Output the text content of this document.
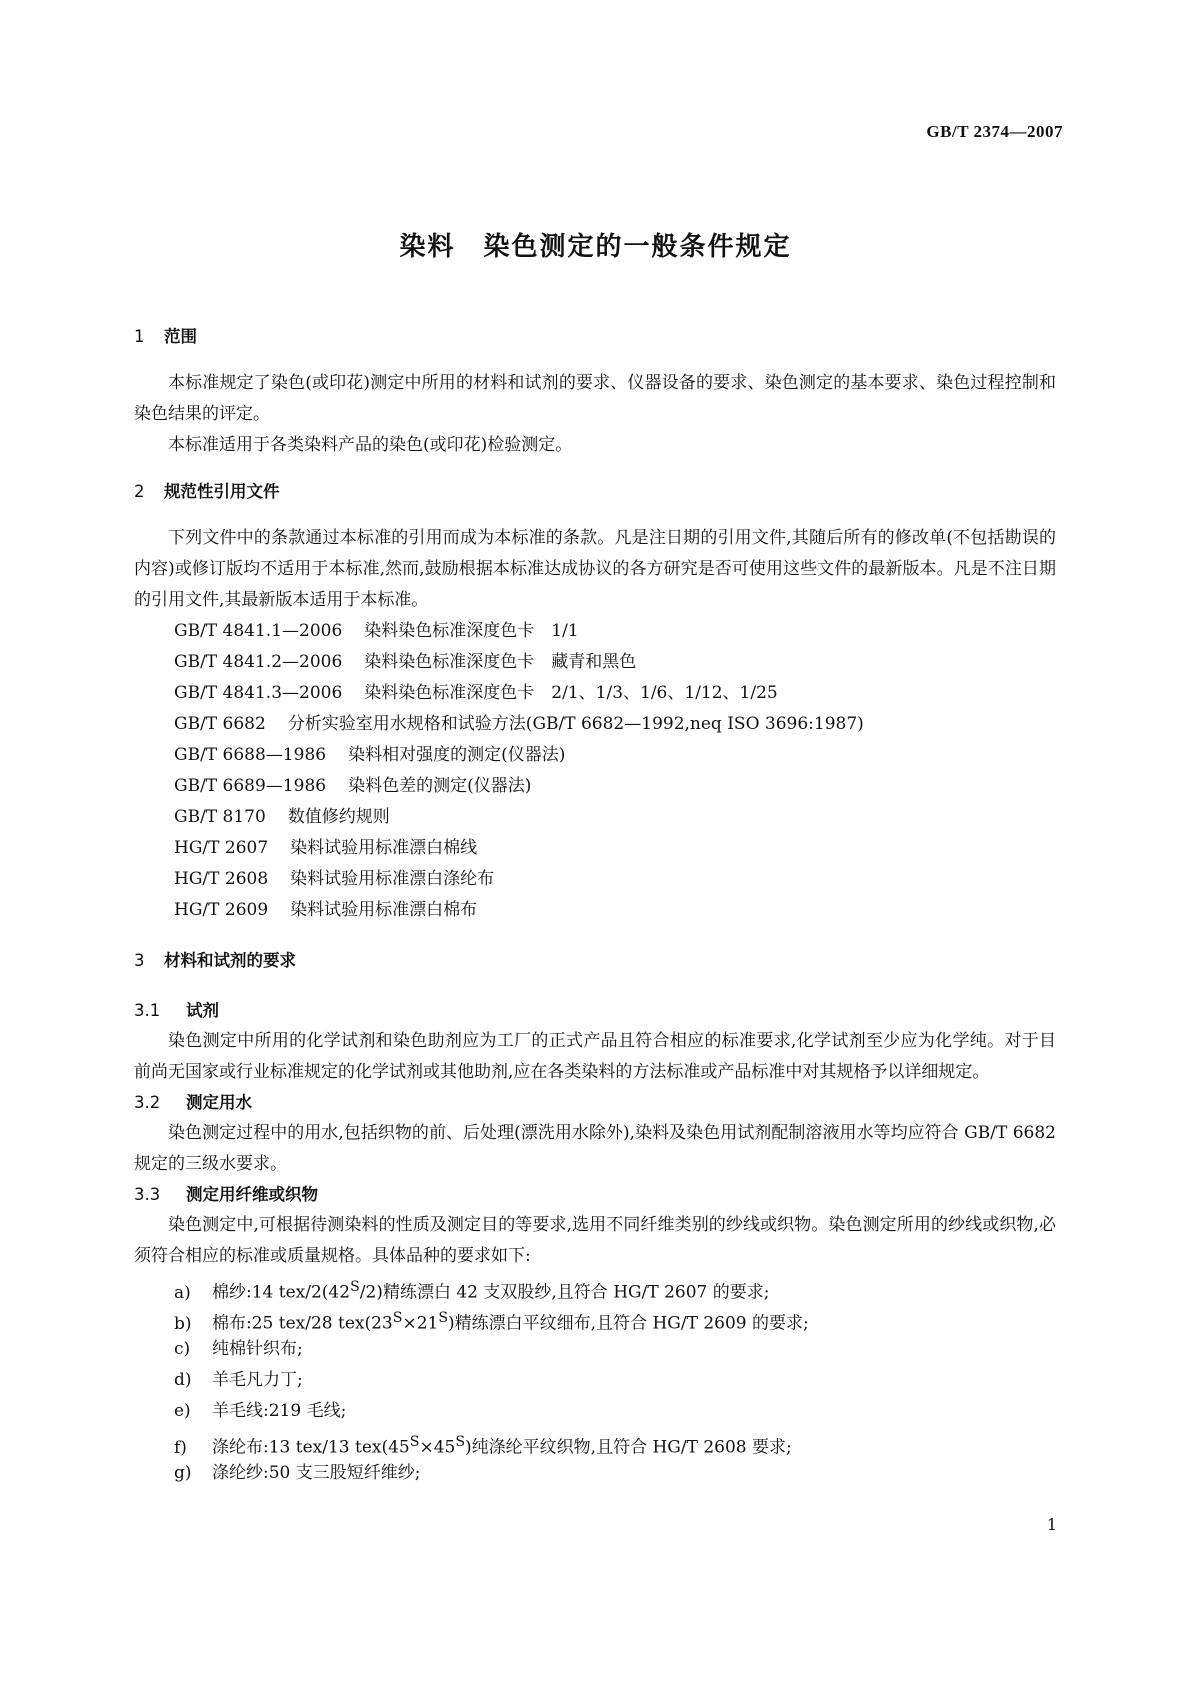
GB/T 2374—2007
染料　染色测定的一般条件规定
1 范围

本标准规定了染色(或印花)测定中所用的材料和试剂的要求、仪器设备的要求、染色测定的基本要求、染色过程控制和染色结果的评定。

本标准适用于各类染料产品的染色(或印花)检验测定。

2 规范性引用文件

下列文件中的条款通过本标准的引用而成为本标准的条款。凡是注日期的引用文件,其随后所有的修改单(不包括勘误的内容)或修订版均不适用于本标准,然而,鼓励根据本标准达成协议的各方研究是否可使用这些文件的最新版本。凡是不注日期的引用文件,其最新版本适用于本标准。

GB/T 4841.1—2006 染料染色标准深度色卡　1/1
GB/T 4841.2—2006 染料染色标准深度色卡　藏青和黑色
GB/T 4841.3—2006 染料染色标准深度色卡　2/1、1/3、1/6、1/12、1/25
GB/T 6682 分析实验室用水规格和试验方法(GB/T 6682—1992,neq ISO 3696:1987)
GB/T 6688—1986 染料相对强度的测定(仪器法)
GB/T 6689—1986 染料色差的测定(仪器法)
GB/T 8170 数值修约规则
HG/T 2607 染料试验用标准漂白棉线
HG/T 2608 染料试验用标准漂白涤纶布
HG/T 2609 染料试验用标准漂白棉布
3 材料和试剂的要求
3.1 试剂

染色测定中所用的化学试剂和染色助剂应为工厂的正式产品且符合相应的标准要求,化学试剂至少应为化学纯。对于目前尚无国家或行业标准规定的化学试剂或其他助剂,应在各类染料的方法标准或产品标准中对其规格予以详细规定。

3.2 测定用水

染色测定过程中的用水,包括织物的前、后处理(漂洗用水除外),染料及染色用试剂配制溶液用水等均应符合 GB/T 6682 规定的三级水要求。

3.3 测定用纤维或织物

染色测定中,可根据待测染料的性质及测定目的等要求,选用不同纤维类别的纱线或织物。染色测定所用的纱线或织物,必须符合相应的标准或质量规格。具体品种的要求如下:

a) 棉纱:14 tex/$2(42^S/2)$精练漂白 42 支双股纱,且符合 HG/T 2607 的要求;
b) 棉布:25 tex/28 $tex(23^S\times 21^S)$精练漂白平纹细布,且符合 HG/T 2609 的要求;
c) 纯棉针织布;
d) 羊毛凡力丁;
e) 羊毛线:219 毛线;
f) 涤纶布:13 tex/13 $tex(45^S\times 45^S)$纯涤纶平纹织物,且符合 HG/T 2608 要求;
g) 涤纶纱:50 支三股短纤维纱;
1
